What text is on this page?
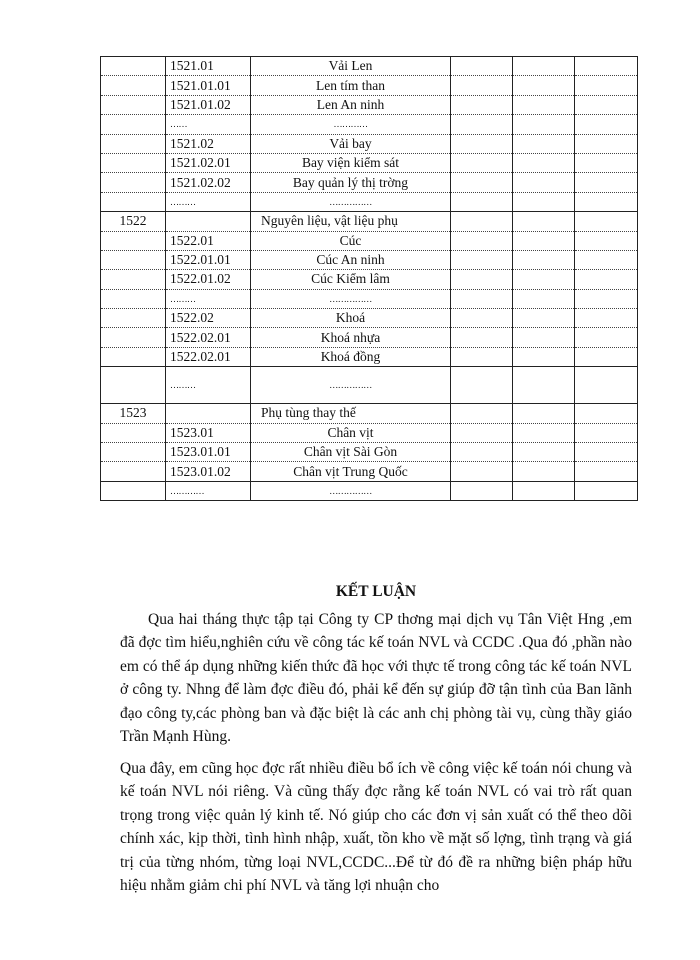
	1521.01	Vải Len			
	1521.01.01	Len tím than			
	1521.01.02	Len An ninh			
	……	…………			
	1521.02	Vải bay			
	1521.02.01	Bay viện kiểm sát			
	1521.02.02	Bay quản lý thị trờng			
	………	……………			
1522		Nguyên liệu, vật liệu phụ			
	1522.01	Cúc			
	1522.01.01	Cúc An ninh			
	1522.01.02	Cúc Kiểm lâm			
	………	……………			
	1522.02	Khoá			
	1522.02.01	Khoá nhựa			
	1522.02.01	Khoá đồng			
	………	……………			
1523		Phụ tùng thay thế			
	1523.01	Chân vịt			
	1523.01.01	Chân vịt Sài Gòn			
	1523.01.02	Chân vịt Trung Quốc			
	…………	……………			
KẾT LUẬN

Qua hai tháng thực tập tại Công ty CP thơng mại dịch vụ Tân Việt Hng ,em đã đợc tìm hiểu,nghiên cứu về công tác kế toán NVL và CCDC .Qua đó ,phần nào em có thể áp dụng những kiến thức đã học với thực tế trong công tác kế toán NVL ở công ty. Nhng để làm đợc điều đó, phải kể đến sự giúp đỡ tận tình của Ban lãnh đạo công ty,các phòng ban và đặc biệt là các anh chị phòng tài vụ, cùng thầy giáo Trần Mạnh Hùng.

Qua đây, em cũng học đợc rất nhiều điều bổ ích về công việc kế toán nói chung và kế toán NVL nói riêng. Và cũng thấy đợc rằng kế toán NVL có vai trò rất quan trọng trong việc quản lý kinh tế. Nó giúp cho các đơn vị sản xuất có thể theo dõi chính xác, kịp thời, tình hình nhập, xuất, tồn kho về mặt số lợng, tình trạng và giá trị của từng nhóm, từng loại NVL,CCDC...Để từ đó đề ra những biện pháp hữu hiệu nhằm giảm chi phí NVL và tăng lợi nhuận cho
